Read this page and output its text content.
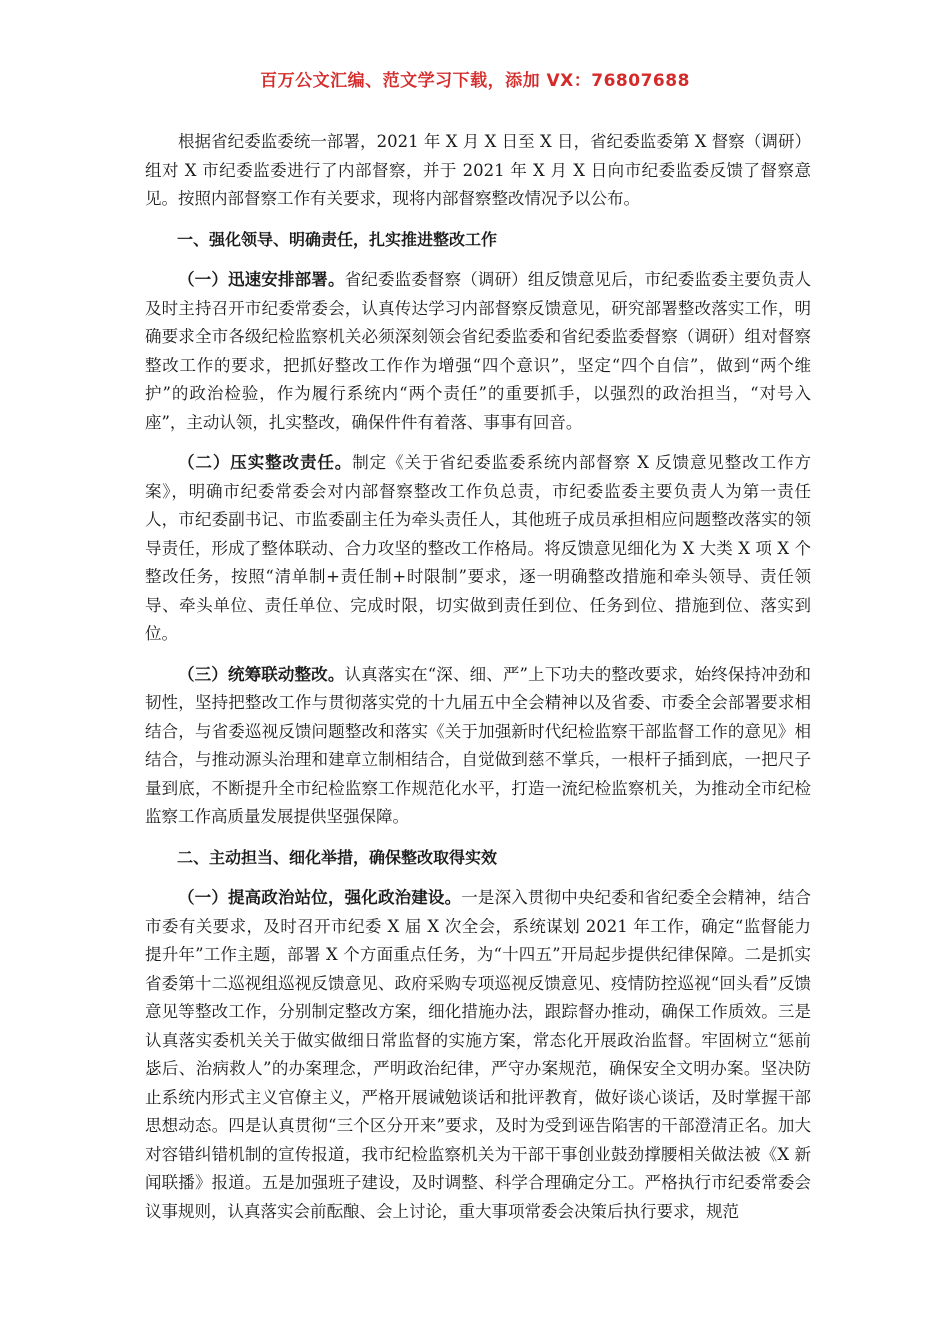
百万公文汇编、范文学习下载，添加 VX：76807688

根据省纪委监委统一部署，2021 年 X 月 X 日至 X 日，省纪委监委第 X 督察（调研）组对 X 市纪委监委进行了内部督察，并于 2021 年 X 月 X 日向市纪委监委反馈了督察意见。按照内部督察工作有关要求，现将内部督察整改情况予以公布。

一、强化领导、明确责任，扎实推进整改工作

（一）迅速安排部署。省纪委监委督察（调研）组反馈意见后，市纪委监委主要负责人及时主持召开市纪委常委会，认真传达学习内部督察反馈意见，研究部署整改落实工作，明确要求全市各级纪检监察机关必须深刻领会省纪委监委和省纪委监委督察（调研）组对督察整改工作的要求，把抓好整改工作作为增强“四个意识”，坚定“四个自信”，做到“两个维护”的政治检验，作为履行系统内“两个责任”的重要抓手，以强烈的政治担当，“对号入座”，主动认领，扎实整改，确保件件有着落、事事有回音。

（二）压实整改责任。制定《关于省纪委监委系统内部督察 X 反馈意见整改工作方案》，明确市纪委常委会对内部督察整改工作负总责，市纪委监委主要负责人为第一责任人，市纪委副书记、市监委副主任为牵头责任人，其他班子成员承担相应问题整改落实的领导责任，形成了整体联动、合力攻坚的整改工作格局。将反馈意见细化为 X 大类 X 项 X 个整改任务，按照“清单制+责任制+时限制”要求，逐一明确整改措施和牵头领导、责任领导、牵头单位、责任单位、完成时限，切实做到责任到位、任务到位、措施到位、落实到位。

（三）统筹联动整改。认真落实在“深、细、严”上下功夫的整改要求，始终保持冲劲和韧性，坚持把整改工作与贯彻落实党的十九届五中全会精神以及省委、市委全会部署要求相结合，与省委巡视反馈问题整改和落实《关于加强新时代纪检监察干部监督工作的意见》相结合，与推动源头治理和建章立制相结合，自觉做到慈不掌兵，一根杆子插到底，一把尺子量到底，不断提升全市纪检监察工作规范化水平，打造一流纪检监察机关，为推动全市纪检监察工作高质量发展提供坚强保障。

二、主动担当、细化举措，确保整改取得实效

（一）提高政治站位，强化政治建设。一是深入贯彻中央纪委和省纪委全会精神，结合市委有关要求，及时召开市纪委 X 届 X 次全会，系统谋划 2021 年工作，确定“监督能力提升年”工作主题，部署 X 个方面重点任务，为“十四五”开局起步提供纪律保障。二是抓实省委第十二巡视组巡视反馈意见、政府采购专项巡视反馈意见、疫情防控巡视“回头看”反馈意见等整改工作，分别制定整改方案，细化措施办法，跟踪督办推动，确保工作质效。三是认真落实委机关关于做实做细日常监督的实施方案，常态化开展政治监督。牢固树立“惩前毖后、治病救人”的办案理念，严明政治纪律，严守办案规范，确保安全文明办案。坚决防止系统内形式主义官僚主义，严格开展诫勉谈话和批评教育，做好谈心谈话，及时掌握干部思想动态。四是认真贯彻“三个区分开来”要求，及时为受到诬告陷害的干部澄清正名。加大对容错纠错机制的宣传报道，我市纪检监察机关为干部干事创业鼓劲撑腰相关做法被《X 新闻联播》报道。五是加强班子建设，及时调整、科学合理确定分工。严格执行市纪委常委会议事规则，认真落实会前酝酿、会上讨论，重大事项常委会决策后执行要求，规范
